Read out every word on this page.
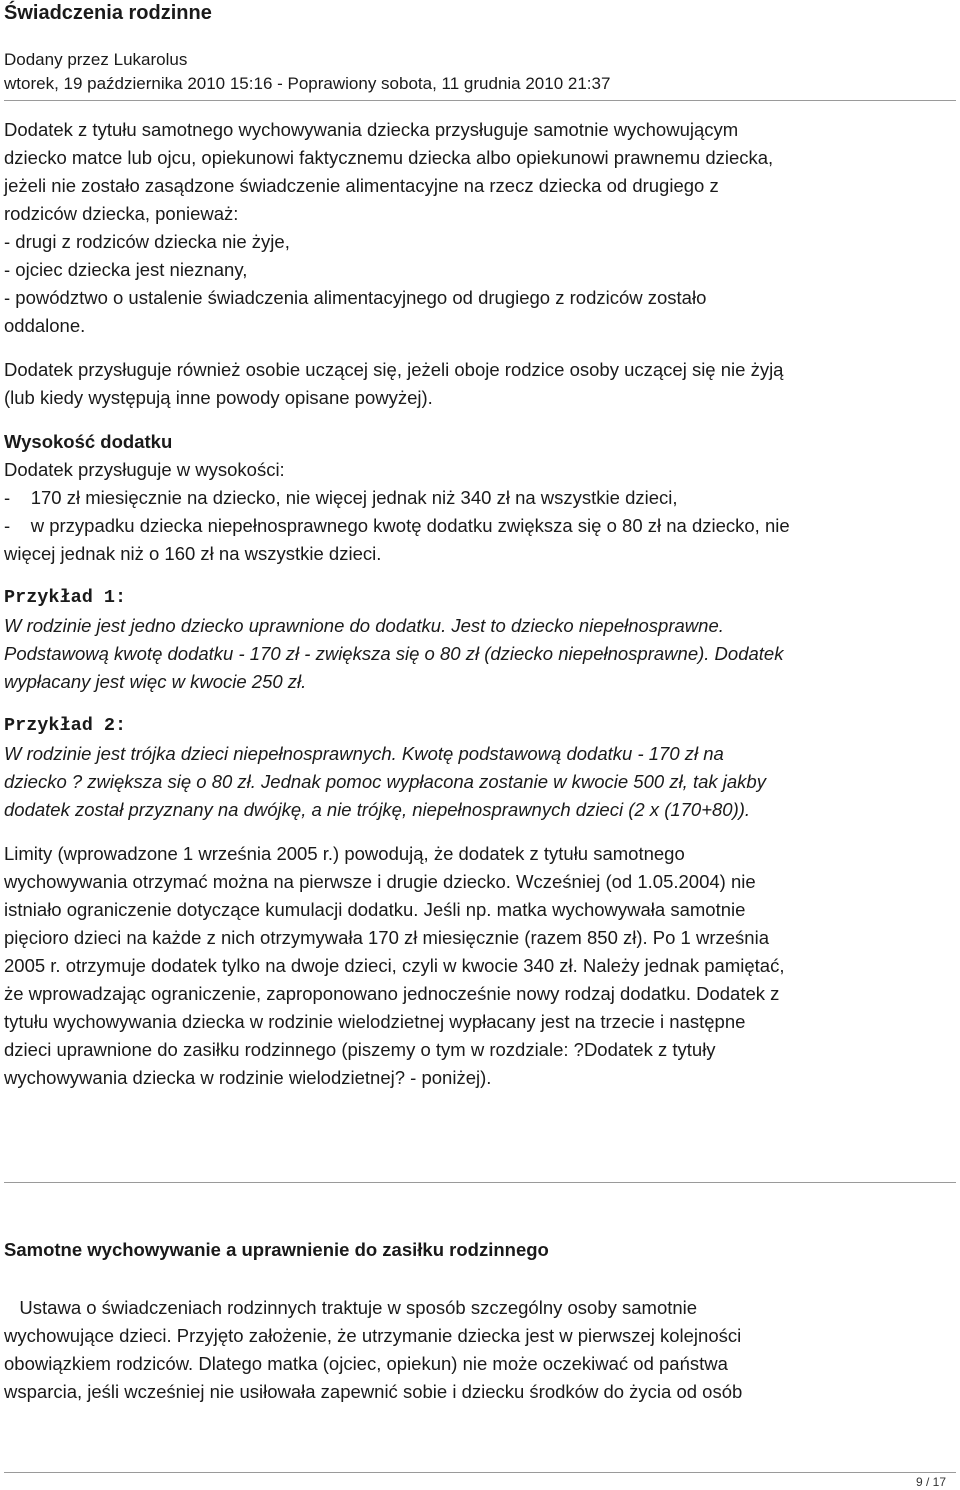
Świadczenia rodzinne
Dodany przez Lukarolus
wtorek, 19 października 2010 15:16 - Poprawiony sobota, 11 grudnia 2010 21:37

Dodatek z tytułu samotnego wychowywania dziecka przysługuje samotnie wychowującym

dziecko matce lub ojcu, opiekunowi faktycznemu dziecka albo opiekunowi prawnemu dziecka,

jeżeli nie zostało zasądzone świadczenie alimentacyjne na rzecz dziecka od drugiego z

rodziców dziecka, ponieważ:

- drugi z rodziców dziecka nie żyje,

- ojciec dziecka jest nieznany,

- powództwo o ustalenie świadczenia alimentacyjnego od drugiego z rodziców zostało

oddalone.

Dodatek przysługuje również osobie uczącej się, jeżeli oboje rodzice osoby uczącej się nie żyją

(lub kiedy występują inne powody opisane powyżej).

Wysokość dodatku

Dodatek przysługuje w wysokości:

-    170 zł miesięcznie na dziecko, nie więcej jednak niż 340 zł na wszystkie dzieci,

-    w przypadku dziecka niepełnosprawnego kwotę dodatku zwiększa się o 80 zł na dziecko, nie

więcej jednak niż o 160 zł na wszystkie dzieci.

Przykład 1:

W rodzinie jest jedno dziecko uprawnione do dodatku. Jest to dziecko niepełnosprawne.

Podstawową kwotę dodatku - 170 zł - zwiększa się o 80 zł (dziecko niepełnosprawne). Dodatek

wypłacany jest więc w kwocie 250 zł.

Przykład 2:

W rodzinie jest trójka dzieci niepełnosprawnych. Kwotę podstawową dodatku - 170 zł na

dziecko ? zwiększa się o 80 zł. Jednak pomoc wypłacona zostanie w kwocie 500 zł, tak jakby

dodatek został przyznany na dwójkę, a nie trójkę, niepełnosprawnych dzieci (2 x (170+80)).

Limity (wprowadzone 1 września 2005 r.) powodują, że dodatek z tytułu samotnego

wychowywania otrzymać można na pierwsze i drugie dziecko. Wcześniej (od 1.05.2004) nie

istniało ograniczenie dotyczące kumulacji dodatku. Jeśli np. matka wychowywała samotnie

pięcioro dzieci na każde z nich otrzymywała 170 zł miesięcznie (razem 850 zł). Po 1 września

2005 r. otrzymuje dodatek tylko na dwoje dzieci, czyli w kwocie 340 zł. Należy jednak pamiętać,

że wprowadzając ograniczenie, zaproponowano jednocześnie nowy rodzaj dodatku. Dodatek z

tytułu wychowywania dziecka w rodzinie wielodzietnej wypłacany jest na trzecie i następne

dzieci uprawnione do zasiłku rodzinnego (piszemy o tym w rozdziale: ?Dodatek z tytuły

wychowywania dziecka w rodzinie wielodzietnej? - poniżej).

Samotne wychowywanie a uprawnienie do zasiłku rodzinnego

Ustawa o świadczeniach rodzinnych traktuje w sposób szczególny osoby samotnie

wychowujące dzieci. Przyjęto założenie, że utrzymanie dziecka jest w pierwszej kolejności

obowiązkiem rodziców. Dlatego matka (ojciec, opiekun) nie może oczekiwać od państwa

wsparcia, jeśli wcześniej nie usiłowała zapewnić sobie i dziecku środków do życia od osób

9 / 17
